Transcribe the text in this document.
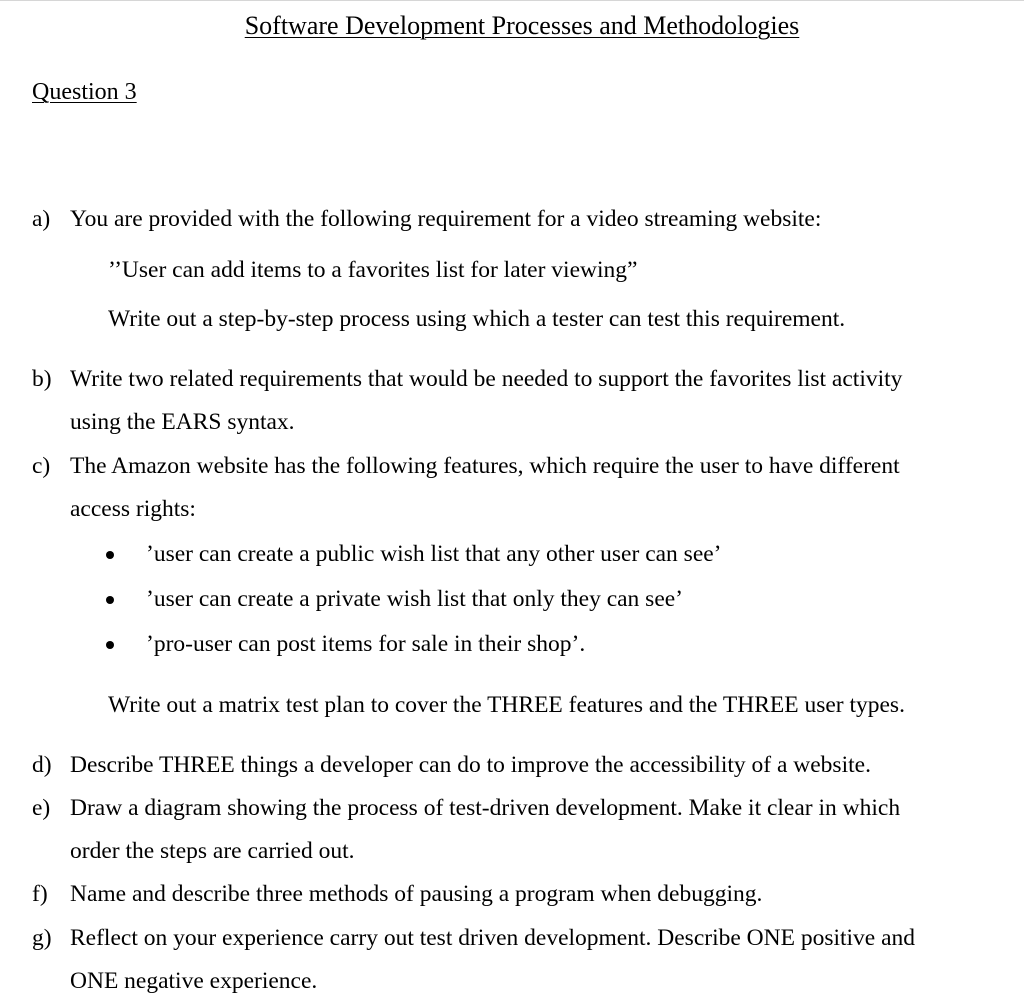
Software Development Processes and Methodologies
Question 3
a) You are provided with the following requirement for a video streaming website:
’’User can add items to a favorites list for later viewing”
Write out a step-by-step process using which a tester can test this requirement.
b) Write two related requirements that would be needed to support the favorites list activity
using the EARS syntax.
c) The Amazon website has the following features, which require the user to have different
access rights:
’user can create a public wish list that any other user can see’
’user can create a private wish list that only they can see’
’pro-user can post items for sale in their shop’.
Write out a matrix test plan to cover the THREE features and the THREE user types.
d) Describe THREE things a developer can do to improve the accessibility of a website.
e) Draw a diagram showing the process of test-driven development. Make it clear in which
order the steps are carried out.
f) Name and describe three methods of pausing a program when debugging.
g) Reflect on your experience carry out test driven development. Describe ONE positive and
ONE negative experience.
